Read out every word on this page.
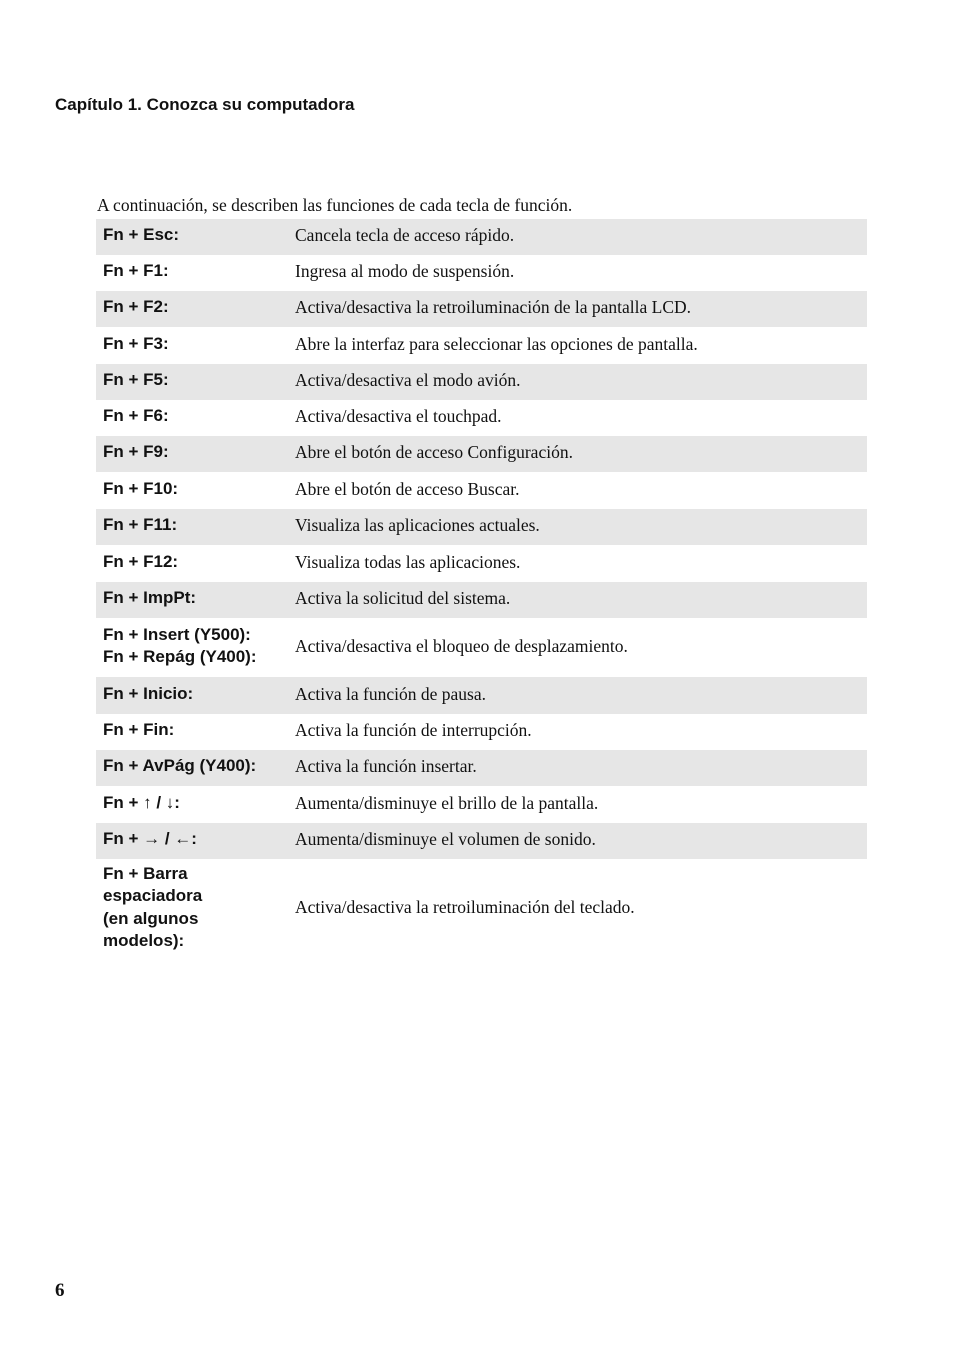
Capítulo 1. Conozca su computadora

A continuación, se describen las funciones de cada tecla de función.

Fn + Esc:	Cancela tecla de acceso rápido.
Fn + F1:	Ingresa al modo de suspensión.
Fn + F2:	Activa/desactiva la retroiluminación de la pantalla LCD.
Fn + F3:	Abre la interfaz para seleccionar las opciones de pantalla.
Fn + F5:	Activa/desactiva el modo avión.
Fn + F6:	Activa/desactiva el touchpad.
Fn + F9:	Abre el botón de acceso Configuración.
Fn + F10:	Abre el botón de acceso Buscar.
Fn + F11:	Visualiza las aplicaciones actuales.
Fn + F12:	Visualiza todas las aplicaciones.
Fn + ImpPt:	Activa la solicitud del sistema.
Fn + Insert (Y500):
Fn + Repág (Y400):	Activa/desactiva el bloqueo de desplazamiento.
Fn + Inicio:	Activa la función de pausa.
Fn + Fin:	Activa la función de interrupción.
Fn + AvPág (Y400):	Activa la función insertar.
Fn + ↑ / ↓:	Aumenta/disminuye el brillo de la pantalla.
Fn + → / ←:	Aumenta/disminuye el volumen de sonido.
Fn + Barra
espaciadora
(en algunos
modelos):	Activa/desactiva la retroiluminación del teclado.

6
